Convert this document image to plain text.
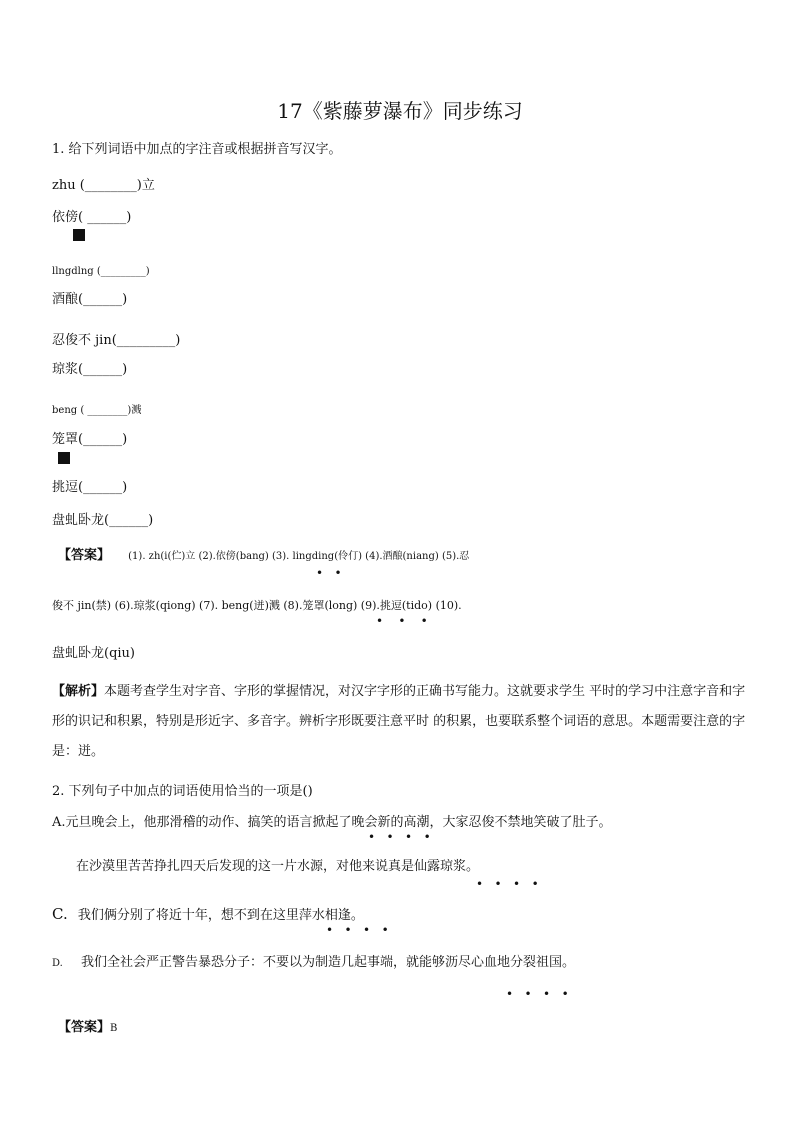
17《紫藤萝瀑布》同步练习
1. 给下列词语中加点的字注音或根据拼音写汉字。
zhu (________)立
依傍( ______)
llngdlng (_________)
酒酿(______)
忍俊不 jin(_________)
琼浆(______)
beng ( ________)溅
笼罩(______)
挑逗(______)
盘虬卧龙(______)
【答案】 (1). zh(i(伫)立 (2).依傍(bang) (3). lingding(伶仃) (4).酒酿(niang) (5).忍
•   •
俊不 jin(禁) (6).琼浆(qiong) (7). beng(迸)溅 (8).笼罩(long) (9).挑逗(tido) (10).
•    •    •
盘虬卧龙(qiu)
【解析】本题考查学生对字音、字形的掌握情况，对汉字字形的正确书写能力。这就要求学生 平时的学习中注意字音和字形的识记和积累，特别是形近字、多音字。辨析字形既要注意平时 的积累，也要联系整个词语的意思。本题需要注意的字是：迸。
2. 下列句子中加点的词语使用恰当的一项是()
A.元旦晚会上，他那滑稽的动作、搞笑的语言掀起了晚会新的高潮，大家忍俊不禁地笑破了肚子。
•   •   •   •
在沙漠里苦苦挣扎四天后发现的这一片水源，对他来说真是仙露琼浆。
•   •   •   •
C. 我们俩分别了将近十年，想不到在这里萍水相逢。
•   •   •   •
D. 我们全社会严正警告暴恐分子：不要以为制造几起事端，就能够沥尽心血地分裂祖国。
•   •   •   •
【答案】B
